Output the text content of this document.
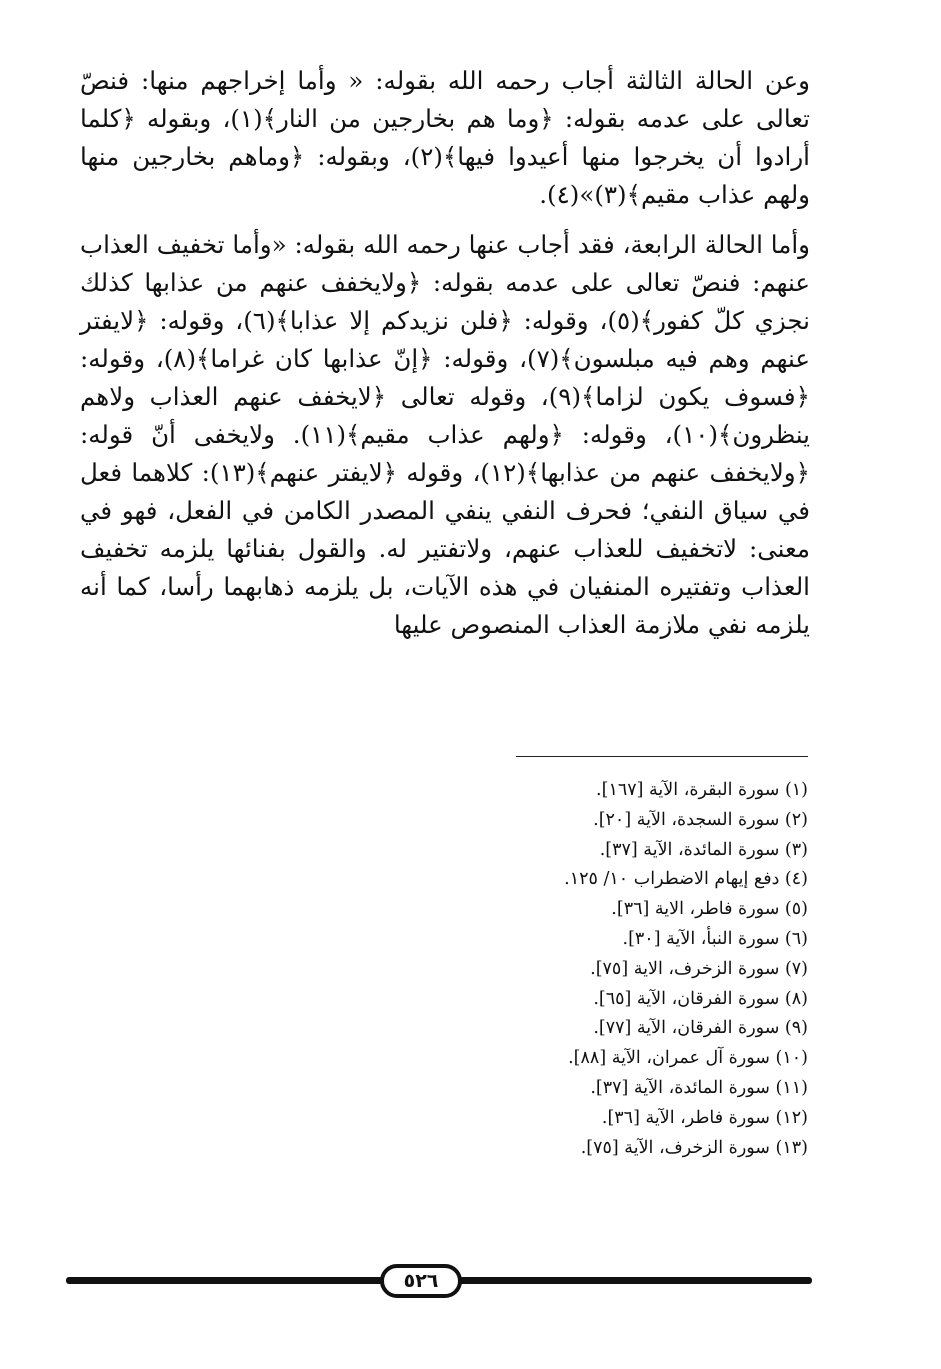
وعن الحالة الثالثة أجاب رحمه الله بقوله: « وأما إخراجهم منها: فنصّ تعالى على عدمه بقوله: ﴿وما هم بخارجين من النار﴾(١)، وبقوله ﴿كلما أرادوا أن يخرجوا منها أعيدوا فيها﴾(٢)، وبقوله: ﴿وماهم بخارجين منها ولهم عذاب مقيم﴾(٣)»(٤).

وأما الحالة الرابعة، فقد أجاب عنها رحمه الله بقوله: «وأما تخفيف العذاب عنهم: فنصّ تعالى على عدمه بقوله: ﴿ولايخفف عنهم من عذابها كذلك نجزي كلّ كفور﴾(٥)، وقوله: ﴿فلن نزيدكم إلا عذابا﴾(٦)، وقوله: ﴿لايفتر عنهم وهم فيه مبلسون﴾(٧)، وقوله: ﴿إنّ عذابها كان غراما﴾(٨)، وقوله: ﴿فسوف يكون لزاما﴾(٩)، وقوله تعالى ﴿لايخفف عنهم العذاب ولاهم ينظرون﴾(١٠)، وقوله: ﴿ولهم عذاب مقيم﴾(١١). ولايخفى أنّ قوله: ﴿ولايخفف عنهم من عذابها﴾(١٢)، وقوله ﴿لايفتر عنهم﴾(١٣): كلاهما فعل في سياق النفي؛ فحرف النفي ينفي المصدر الكامن في الفعل، فهو في معنى: لاتخفيف للعذاب عنهم، ولاتفتير له. والقول بفنائها يلزمه تخفيف العذاب وتفتيره المنفيان في هذه الآيات، بل يلزمه ذهابهما رأسا، كما أنه يلزمه نفي ملازمة العذاب المنصوص عليها

(١) سورة البقرة، الآية [١٦٧].
(٢) سورة السجدة، الآية [٢٠].
(٣) سورة المائدة، الآية [٣٧].
(٤) دفع إيهام الاضطراب ١٠/ ١٢٥.
(٥) سورة فاطر، الاية [٣٦].
(٦) سورة النبأ، الآية [٣٠].
(٧) سورة الزخرف، الاية [٧٥].
(٨) سورة الفرقان، الآية [٦٥].
(٩) سورة الفرقان، الآية [٧٧].
(١٠) سورة آل عمران، الآية [٨٨].
(١١) سورة المائدة، الآية [٣٧].
(١٢) سورة فاطر، الآية [٣٦].
(١٣) سورة الزخرف، الآية [٧٥].
٥٢٦
